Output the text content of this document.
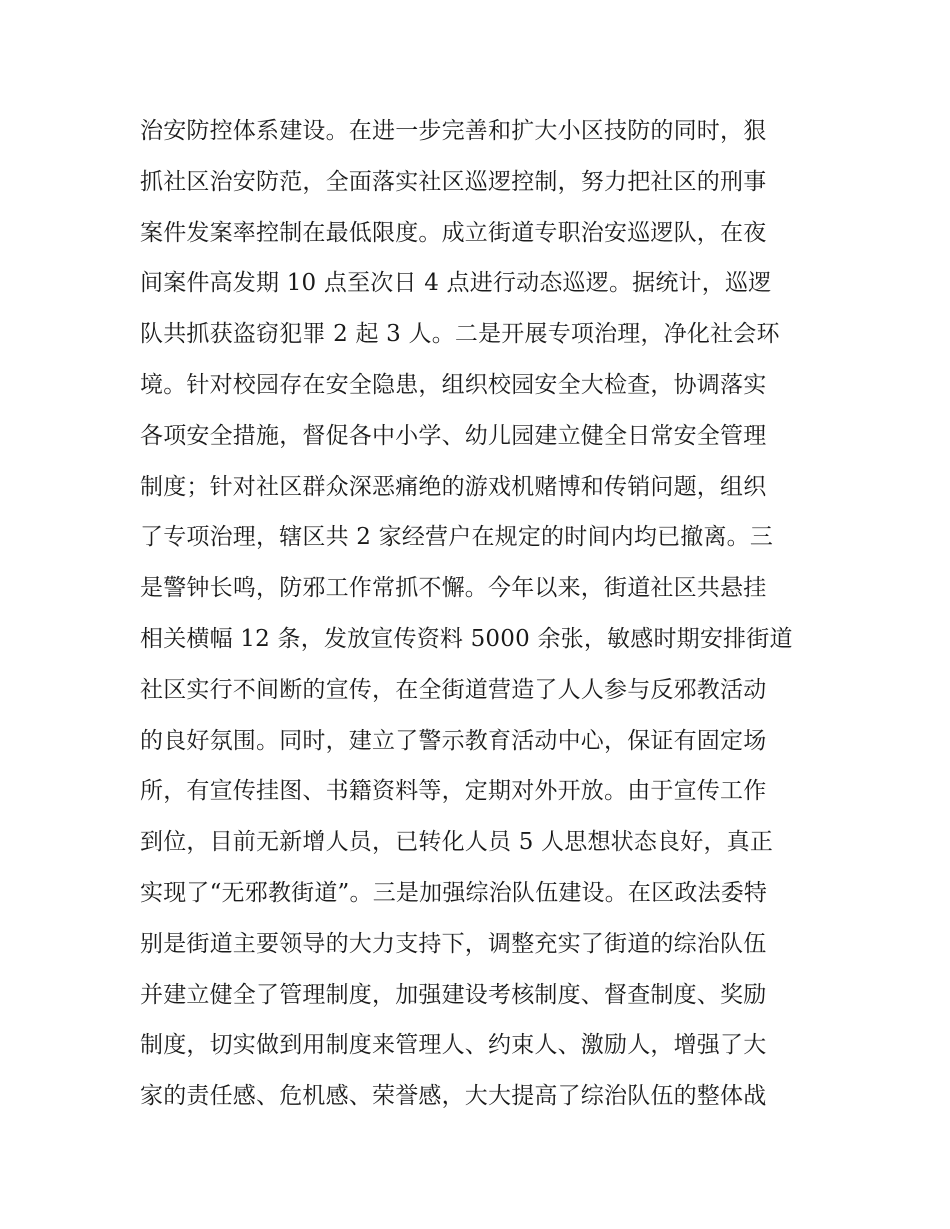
治安防控体系建设。在进一步完善和扩大小区技防的同时，狠
抓社区治安防范，全面落实社区巡逻控制，努力把社区的刑事
案件发案率控制在最低限度。成立街道专职治安巡逻队，在夜
间案件高发期 10 点至次日 4 点进行动态巡逻。据统计，巡逻
队共抓获盗窃犯罪 2 起 3 人。二是开展专项治理，净化社会环
境。针对校园存在安全隐患，组织校园安全大检查，协调落实
各项安全措施，督促各中小学、幼儿园建立健全日常安全管理
制度；针对社区群众深恶痛绝的游戏机赌博和传销问题，组织
了专项治理，辖区共 2 家经营户在规定的时间内均已撤离。三
是警钟长鸣，防邪工作常抓不懈。今年以来，街道社区共悬挂
相关横幅 12 条，发放宣传资料 5000 余张，敏感时期安排街道
社区实行不间断的宣传，在全街道营造了人人参与反邪教活动
的良好氛围。同时，建立了警示教育活动中心，保证有固定场
所，有宣传挂图、书籍资料等，定期对外开放。由于宣传工作
到位，目前无新增人员，已转化人员 5 人思想状态良好，真正
实现了“无邪教街道”。三是加强综治队伍建设。在区政法委特
别是街道主要领导的大力支持下，调整充实了街道的综治队伍
并建立健全了管理制度，加强建设考核制度、督查制度、奖励
制度，切实做到用制度来管理人、约束人、激励人，增强了大
家的责任感、危机感、荣誉感，大大提高了综治队伍的整体战
